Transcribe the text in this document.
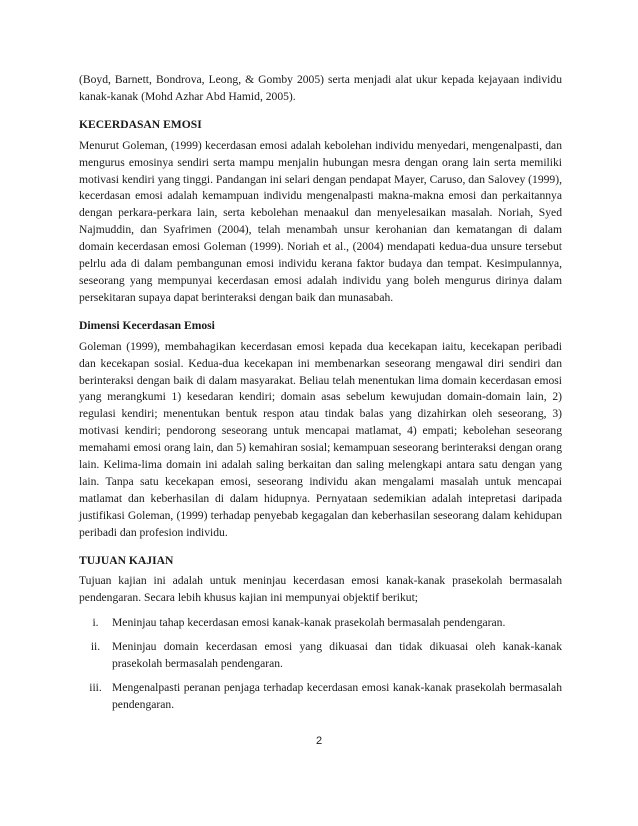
(Boyd, Barnett, Bondrova, Leong, & Gomby 2005) serta menjadi alat ukur kepada kejayaan individu kanak-kanak (Mohd Azhar Abd Hamid, 2005).

KECERDASAN EMOSI

Menurut Goleman, (1999) kecerdasan emosi adalah kebolehan individu menyedari, mengenalpasti, dan mengurus emosinya sendiri serta mampu menjalin hubungan mesra dengan orang lain serta memiliki motivasi kendiri yang tinggi. Pandangan ini selari dengan pendapat Mayer, Caruso, dan Salovey (1999), kecerdasan emosi adalah kemampuan individu mengenalpasti makna-makna emosi dan perkaitannya dengan perkara-perkara lain, serta kebolehan menaakul dan menyelesaikan masalah. Noriah, Syed Najmuddin, dan Syafrimen (2004), telah menambah unsur kerohanian dan kematangan di dalam domain kecerdasan emosi Goleman (1999). Noriah et al., (2004) mendapati kedua-dua unsure tersebut pelrlu ada di dalam pembangunan emosi individu kerana faktor budaya dan tempat. Kesimpulannya, seseorang yang mempunyai kecerdasan emosi adalah individu yang boleh mengurus dirinya dalam persekitaran supaya dapat berinteraksi dengan baik dan munasabah.

Dimensi Kecerdasan Emosi

Goleman (1999), membahagikan kecerdasan emosi kepada dua kecekapan iaitu, kecekapan peribadi dan kecekapan sosial. Kedua-dua kecekapan ini membenarkan seseorang mengawal diri sendiri dan berinteraksi dengan baik di dalam masyarakat. Beliau telah menentukan lima domain kecerdasan emosi yang merangkumi 1) kesedaran kendiri; domain asas sebelum kewujudan domain-domain lain, 2) regulasi kendiri; menentukan bentuk respon atau tindak balas yang dizahirkan oleh seseorang, 3) motivasi kendiri; pendorong seseorang untuk mencapai matlamat, 4) empati; kebolehan seseorang memahami emosi orang lain, dan 5) kemahiran sosial; kemampuan seseorang berinteraksi dengan orang lain. Kelima-lima domain ini adalah saling berkaitan dan saling melengkapi antara satu dengan yang lain. Tanpa satu kecekapan emosi, seseorang individu akan mengalami masalah untuk mencapai matlamat dan keberhasilan di dalam hidupnya. Pernyataan sedemikian adalah intepretasi daripada justifikasi Goleman, (1999) terhadap penyebab kegagalan dan keberhasilan seseorang dalam kehidupan peribadi dan profesion individu.

TUJUAN KAJIAN

Tujuan kajian ini adalah untuk meninjau kecerdasan emosi kanak-kanak prasekolah bermasalah pendengaran. Secara lebih khusus kajian ini mempunyai objektif berikut;

i.	Meninjau tahap kecerdasan emosi kanak-kanak prasekolah bermasalah pendengaran.
ii.	Meninjau domain kecerdasan emosi yang dikuasai dan tidak dikuasai oleh kanak-kanak prasekolah bermasalah pendengaran.
iii. Mengenalpasti peranan penjaga terhadap kecerdasan emosi kanak-kanak prasekolah bermasalah pendengaran.
2
